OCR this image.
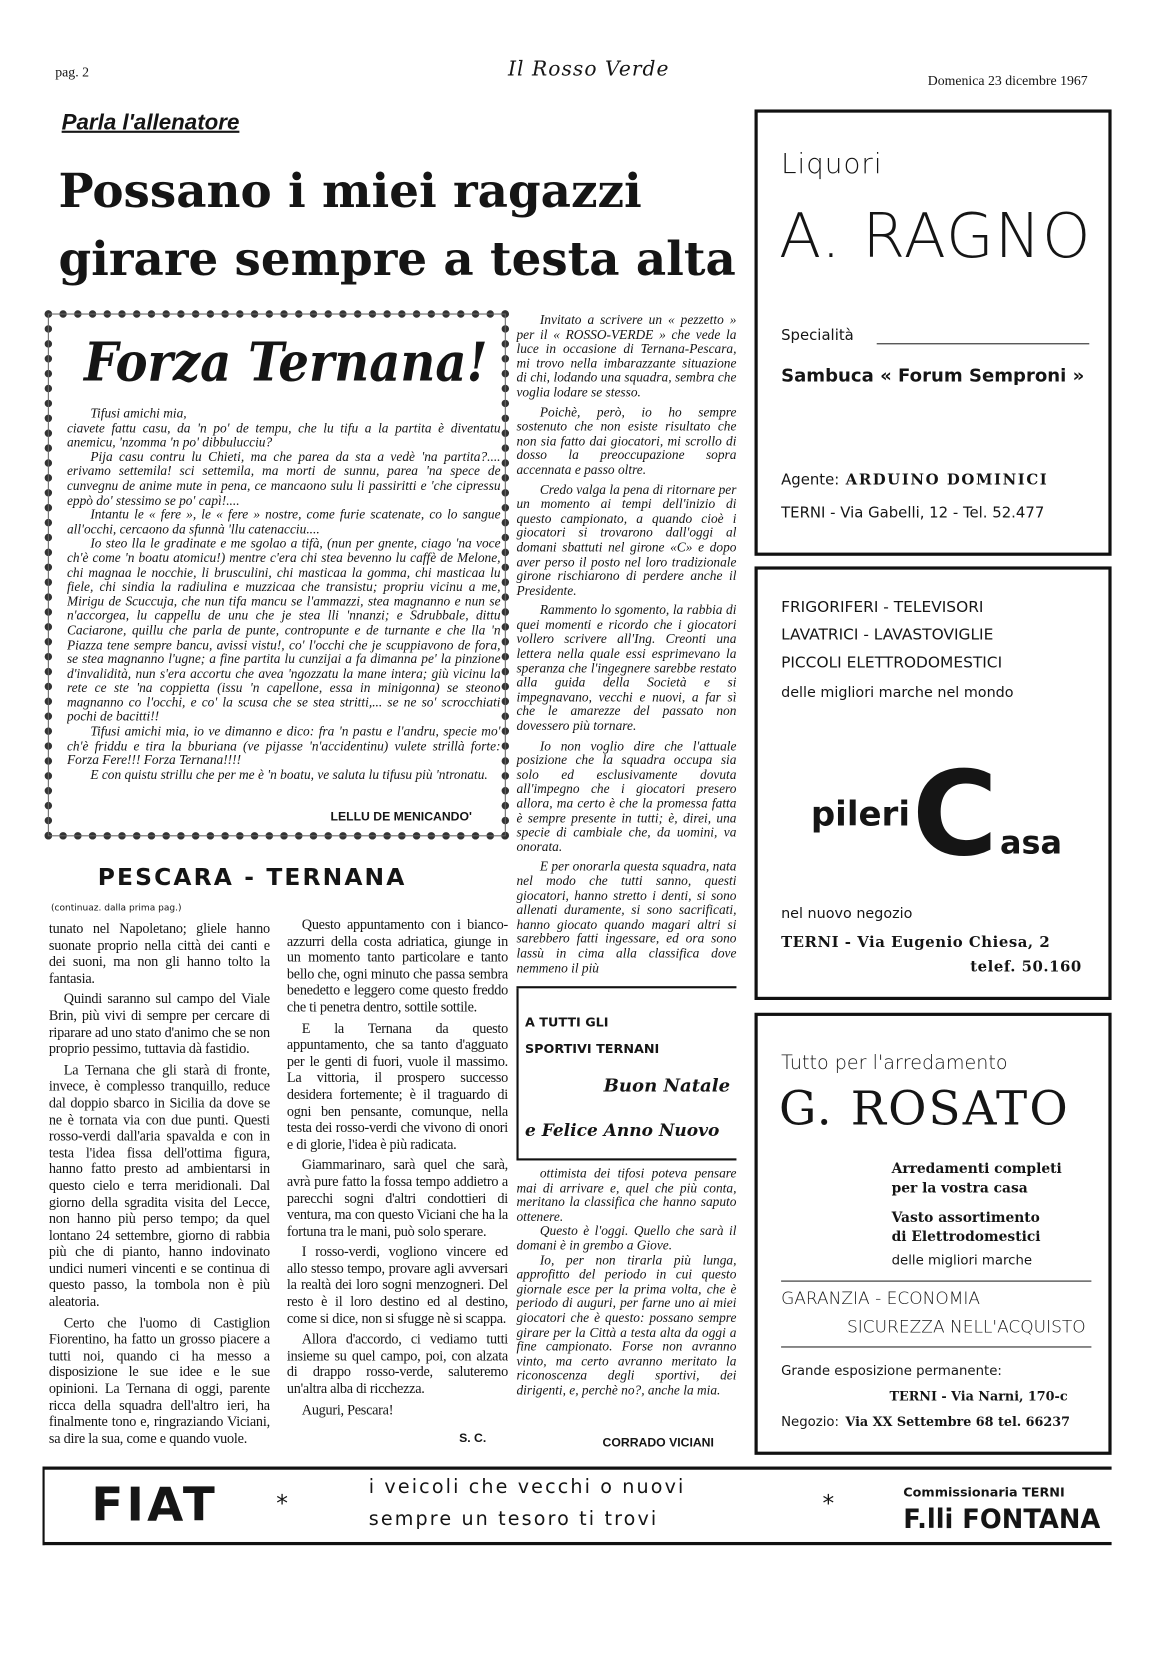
pag. 2	Il Rosso Verde	Domenica 23 dicembre 1967
Parla l'allenatore
Possano i miei ragazzi
girare sempre a testa alta
Forza Ternana!

Tifusi amichi mia,

ciavete fattu casu, da 'n po' de tempu, che lu tifu a la partita è diventatu anemicu, 'nzomma 'n po' dibbulucciu?

Pija casu contru lu Chieti, ma che parea da sta a vedè 'na partita?.... erivamo settemila! sci settemila, ma morti de sunnu, parea 'na spece de cunvegnu de anime mute in pena, ce mancaono sulu li passiritti e 'che cipressu eppò do' stessimo se po' capì!....

Intantu le « fere », le « fere » nostre, come furie scatenate, co lo sangue all'occhi, cercaono da sfunnà 'llu catenacciu....

Io steo lla le gradinate e me sgolao a tifà, (nun per gnente, ciago 'na voce ch'è come 'n boatu atomicu!) mentre c'era chi stea bevenno lu caffè de Melone, chi magnaa le nocchie, li brusculini, chi masticaa la gomma, chi masticaa lu fiele, chi sindia la radiulina e muzzicaa che transistu; propriu vicinu a me, Mirigu de Scuccuja, che nun tifa mancu se l'ammazzi, stea magnanno e nun se n'accorgea, lu cappellu de unu che je stea lli 'nnanzi; e Sdrubbale, dittu Caciarone, quillu che parla de punte, contropunte e de turnante e che lla 'n Piazza tene sempre bancu, avissi vistu!, co' l'occhi che je scuppiavono de fora, se stea magnanno l'ugne; a fine partita lu cunzijai a fa dimanna pe' la pinzione d'invalidità, nun s'era accortu che avea 'ngozzatu la mane intera; giù vicinu la rete ce ste 'na coppietta (issu 'n capellone, essa in minigonna) se steono magnanno co l'occhi, e co' la scusa che se stea stritti,... se ne so' scrocchiati pochi de bacitti!!

Tifusi amichi mia, io ve dimanno e dico: fra 'n pastu e l'andru, specie mo' ch'è friddu e tira la bburiana (ve pijasse 'n'accidentinu) vulete strillà forte: Forza Fere!!! Forza Ternana!!!!

E con quistu strillu che per me è 'n boatu, ve saluta lu tifusu più 'ntronatu.

LELLU DE MENICANDO'

Invitato a scrivere un « pezzetto » per il « ROSSO-VERDE » che vede la luce in occasione di Ternana-Pescara, mi trovo nella imbarazzante situazione di chi, lodando una squadra, sembra che voglia lodare se stesso.

Poichè, però, io ho sempre sostenuto che non esiste risultato che non sia fatto dai giocatori, mi scrollo di dosso la preoccupazione sopra accennata e passo oltre.

Credo valga la pena di ritornare per un momento ai tempi dell'inizio di questo campionato, a quando cioè i giocatori si trovarono dall'oggi al domani sbattuti nel girone «C» e dopo aver perso il posto nel loro tradizionale girone rischiarono di perdere anche il Presidente.

Rammento lo sgomento, la rabbia di quei momenti e ricordo che i giocatori vollero scrivere all'Ing. Creonti una lettera nella quale essi esprimevano la speranza che l'ingegnere sarebbe restato alla guida della Società e si impegnavano, vecchi e nuovi, a far sì che le amarezze del passato non dovessero più tornare.

Io non voglio dire che l'attuale posizione che la squadra occupa sia solo ed esclusivamente dovuta all'impegno che i giocatori presero allora, ma certo è che la promessa fatta è sempre presente in tutti; è, direi, una specie di cambiale che, da uomini, va onorata.

E per onorarla questa squadra, nata nel modo che tutti sanno, questi giocatori, hanno stretto i denti, si sono allenati duramente, si sono sacrificati, hanno giocato quando magari altri si sarebbero fatti ingessare, ed ora sono lassù in cima alla classifica dove nemmeno il più

A TUTTI GLI
SPORTIVI TERNANI
Buon Natale
e Felice Anno Nuovo

ottimista dei tifosi poteva pensare mai di arrivare e, quel che più conta, meritano la classifica che hanno saputo ottenere.

Questo è l'oggi. Quello che sarà il domani è in grembo a Giove.

Io, per non tirarla più lunga, approfitto del periodo in cui questo giornale esce per la prima volta, che è periodo di auguri, per farne uno ai miei giocatori che è questo: possano sempre girare per la Città a testa alta da oggi a fine campionato. Forse non avranno vinto, ma certo avranno meritato la riconoscenza degli sportivi, dei dirigenti, e, perchè no?, anche la mia.

CORRADO VICIANI
PESCARA - TERNANA
(continuaz. dalla prima pag.)

tunato nel Napoletano; gliele hanno suonate proprio nella città dei canti e dei suoni, ma non gli hanno tolto la fantasia.

Quindi saranno sul campo del Viale Brin, più vivi di sempre per cercare di riparare ad uno stato d'animo che se non proprio pessimo, tuttavia dà fastidio.

La Ternana che gli starà di fronte, invece, è complesso tranquillo, reduce dal doppio sbarco in Sicilia da dove se ne è tornata via con due punti. Questi rosso-verdi dall'aria spavalda e con in testa l'idea fissa dell'ottima figura, hanno fatto presto ad ambientarsi in questo cielo e terra meridionali. Dal giorno della sgradita visita del Lecce, non hanno più perso tempo; da quel lontano 24 settembre, giorno di rabbia più che di pianto, hanno indovinato undici numeri vincenti e se continua di questo passo, la tombola non è più aleatoria.

Certo che l'uomo di Castiglion Fiorentino, ha fatto un grosso piacere a tutti noi, quando ci ha messo a disposizione le sue idee e le sue opinioni. La Ternana di oggi, parente ricca della squadra dell'altro ieri, ha finalmente tono e, ringraziando Viciani, sa dire la sua, come e quando vuole.

Questo appuntamento con i bianco-azzurri della costa adriatica, giunge in un momento tanto particolare e tanto bello che, ogni minuto che passa sembra benedetto e leggero come questo freddo che ti penetra dentro, sottile sottile.

E la Ternana da questo appuntamento, che sa tanto d'agguato per le genti di fuori, vuole il massimo. La vittoria, il prospero successo desidera fortemente; è il traguardo di ogni ben pensante, comunque, nella testa dei rosso-verdi che vivono di onori e di glorie, l'idea è più radicata.

Giammarinaro, sarà quel che sarà, avrà pure fatto la fossa tempo addietro a parecchi sogni d'altri condottieri di ventura, ma con questo Viciani che ha la fortuna tra le mani, può solo sperare.

I rosso-verdi, vogliono vincere ed allo stesso tempo, provare agli avversari la realtà dei loro sogni menzogneri. Del resto è il loro destino ed al destino, come si dice, non si sfugge nè si scappa.

Allora d'accordo, ci vediamo tutti insieme su quel campo, poi, con alzata di drappo rosso-verde, saluteremo un'altra alba di ricchezza.

Auguri, Pescara!

S. C.
Liquori
A. RAGNO
Specialità
Sambuca « Forum Semproni »
Agente: ARDUINO DOMINICI
TERNI - Via Gabelli, 12 - Tel. 52.477
FRIGORIFERI - TELEVISORI
LAVATRICI - LAVASTOVIGLIE
PICCOLI ELETTRODOMESTICI
delle migliori marche nel mondo
pileri C asa
nel nuovo negozio
TERNI - Via Eugenio Chiesa, 2
telef. 50.160
Tutto per l'arredamento
G. ROSATO
Arredamenti completi
per la vostra casa
Vasto assortimento
di Elettrodomestici
delle migliori marche
GARANZIA - ECONOMIA
SICUREZZA NELL'ACQUISTO
Grande esposizione permanente:
TERNI - Via Narni, 170-c
Negozio: Via XX Settembre 68 tel. 66237
FIAT	*
i veicoli che vecchi o nuovi
sempre un tesoro ti trovi
*	Commissionaria TERNI
F.lli FONTANA
